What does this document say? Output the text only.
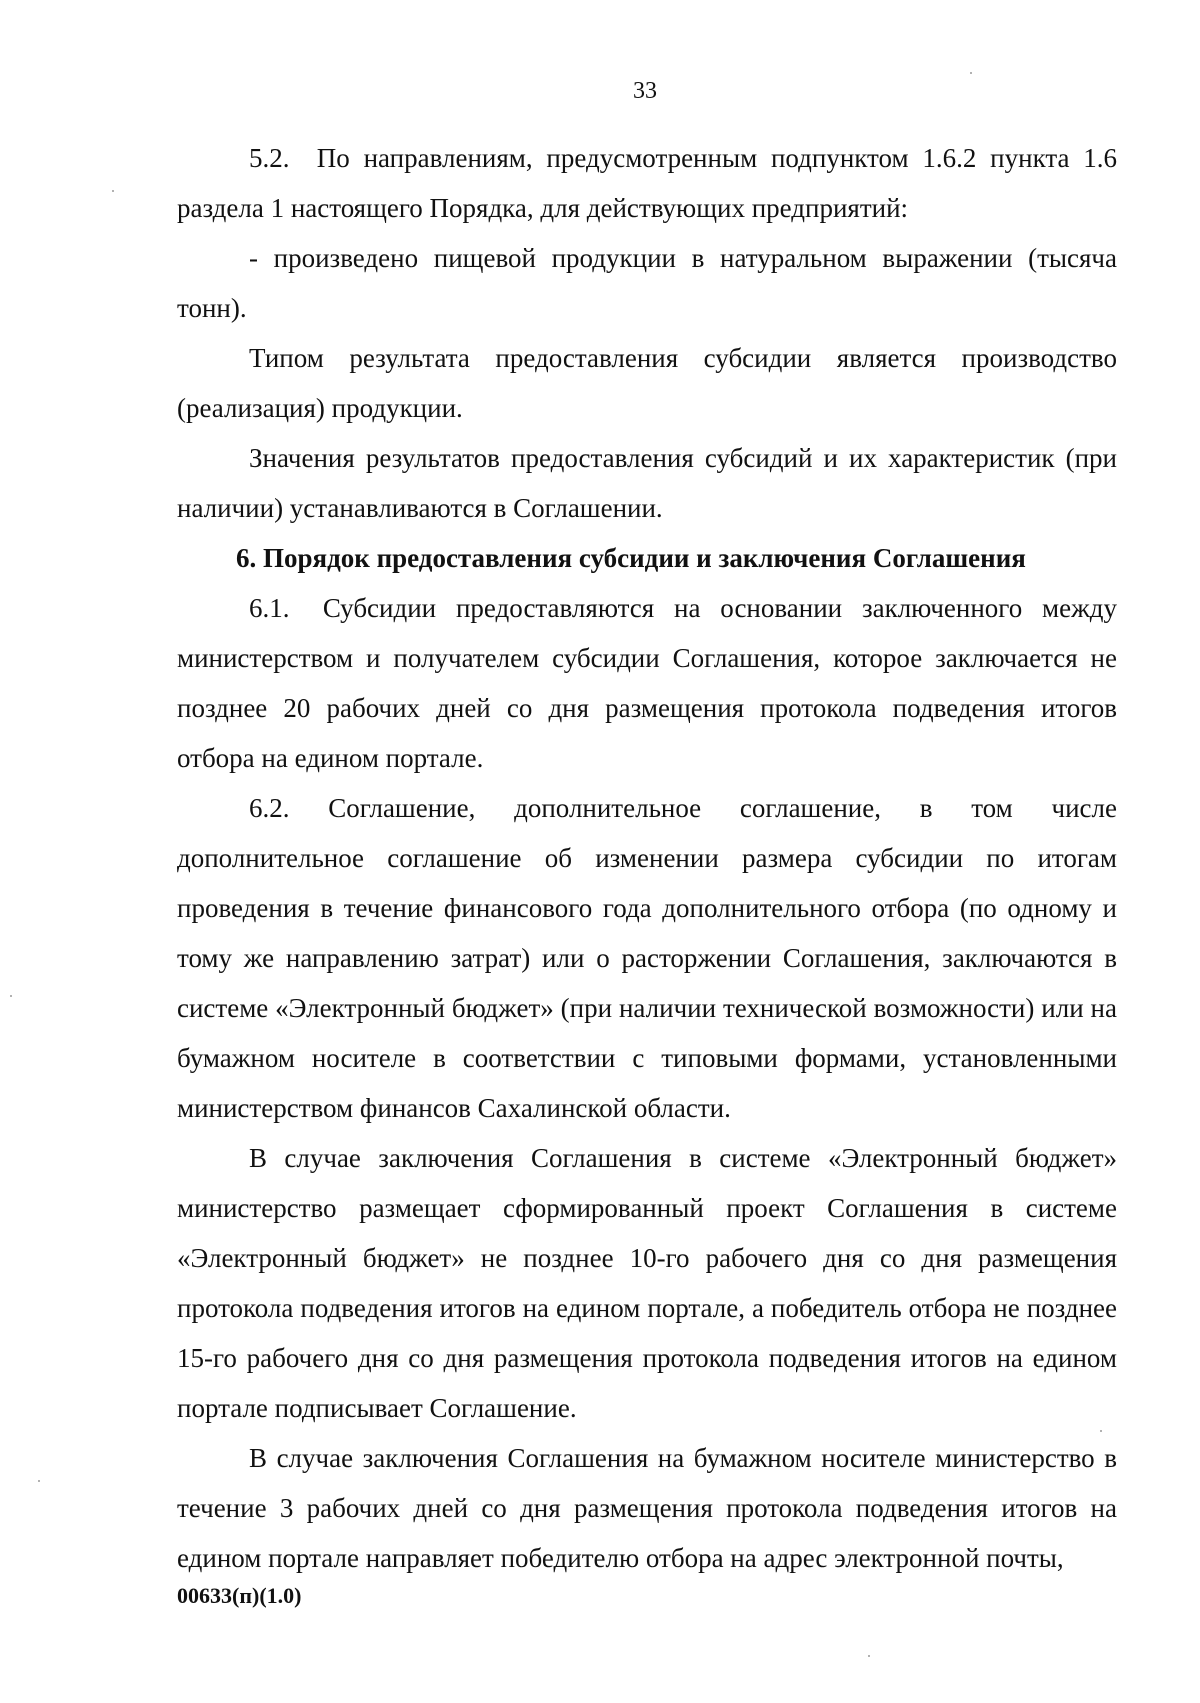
33

5.2.  По направлениям, предусмотренным подпунктом 1.6.2 пункта 1.6 раздела 1 настоящего Порядка, для действующих предприятий:

- произведено пищевой продукции в натуральном выражении (тысяча тонн).

Типом результата предоставления субсидии является производство (реализация) продукции.

Значения результатов предоставления субсидий и их характеристик (при наличии) устанавливаются в Соглашении.

6. Порядок предоставления субсидии и заключения Соглашения

6.1.  Субсидии предоставляются на основании заключенного между министерством и получателем субсидии Соглашения, которое заключается не позднее 20 рабочих дней со дня размещения протокола подведения итогов отбора на едином портале.

6.2. Соглашение, дополнительное соглашение, в том числе дополнительное соглашение об изменении размера субсидии по итогам проведения в течение финансового года дополнительного отбора (по одному и тому же направлению затрат) или о расторжении Соглашения, заключаются в системе «Электронный бюджет» (при наличии технической возможности) или на бумажном носителе в соответствии с типовыми формами, установленными министерством финансов Сахалинской области.

В случае заключения Соглашения в системе «Электронный бюджет» министерство размещает сформированный проект Соглашения в системе «Электронный бюджет» не позднее 10-го рабочего дня со дня размещения протокола подведения итогов на едином портале, а победитель отбора не позднее 15-го рабочего дня со дня размещения протокола подведения итогов на едином портале подписывает Соглашение.

В случае заключения Соглашения на бумажном носителе министерство в течение 3 рабочих дней со дня размещения протокола подведения итогов на едином портале направляет победителю отбора на адрес электронной почты,

00633(п)(1.0)
